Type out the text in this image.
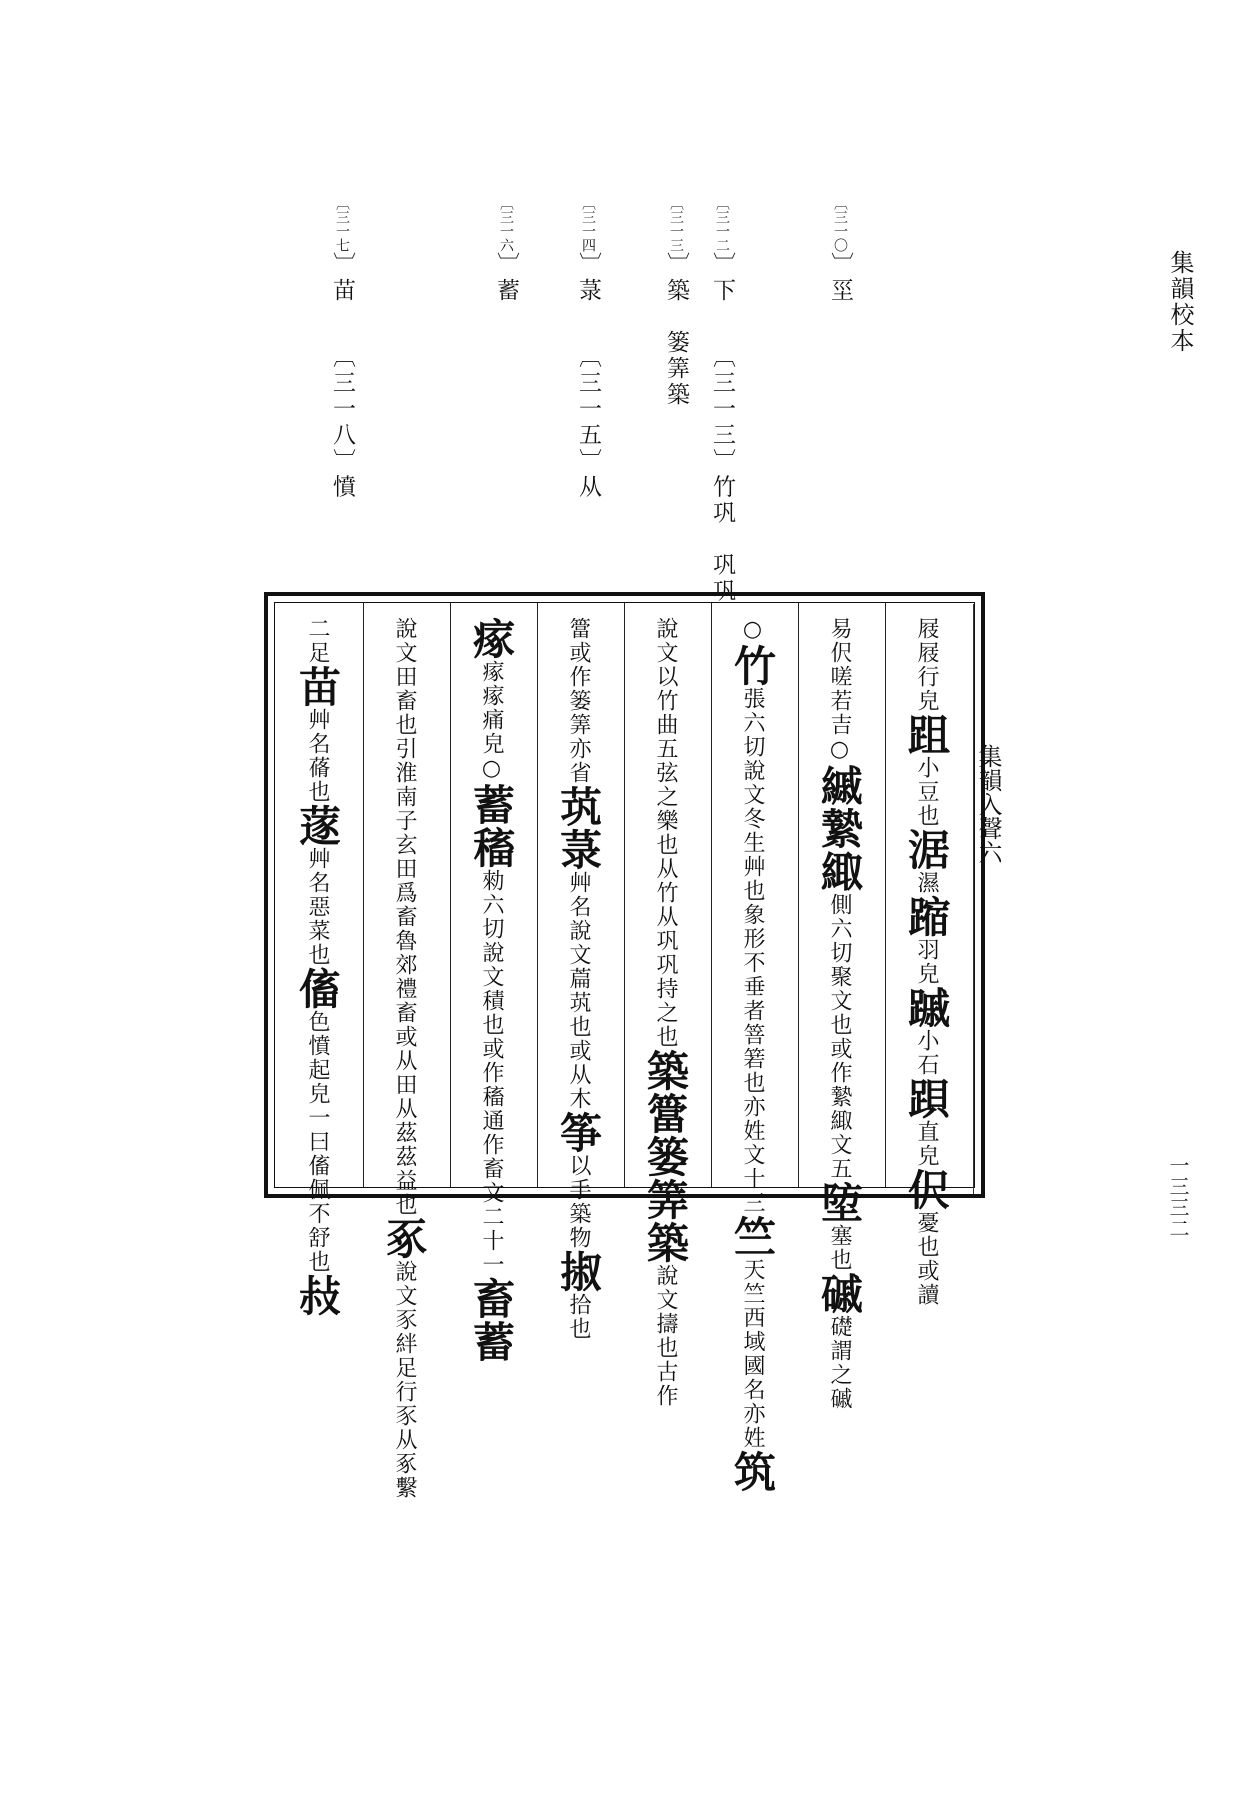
集韻校本
一三三二
〔三一〇〕坙
〔三一二〕下　　〔三一三〕竹巩　巩巩
〔三一三〕築　篓筭築
〔三一四〕菉　　〔三一五〕从
〔三一六〕蓄
〔三一七〕苗　　〔三一八〕憤
屐屐行皃跙小豆也涺濕蹜羽皃䠞小石䟺直皃伬憂也或讀
易伬嗟若吉○縬縶緅側六切聚文也或作縶緅文五埅塞也磩礎謂之磩
○竹張六切說文冬生艸也象形不垂者箁箬也亦姓文十三竺天竺西域國名亦姓筑
說文以竹曲五弦之樂也从竹从巩巩持之也築簹篓筭築說文擣也古作
簹或作篓筭亦省茿菉艸名說文萹茿也或从木筝以手築物掓拾也
瘃瘃瘃痛皃○蓄稸勑六切說文積也或作稸通作畜文二十一畜蓄
說文田畜也引淮南子玄田爲畜魯郊禮畜或从田从茲茲益也豖說文豕絆足行豕从豖繫
二足苗艸名蓨也蓫艸名惡菜也傗色憤起皃一曰傗佩不舒也敊
集韻入聲六
